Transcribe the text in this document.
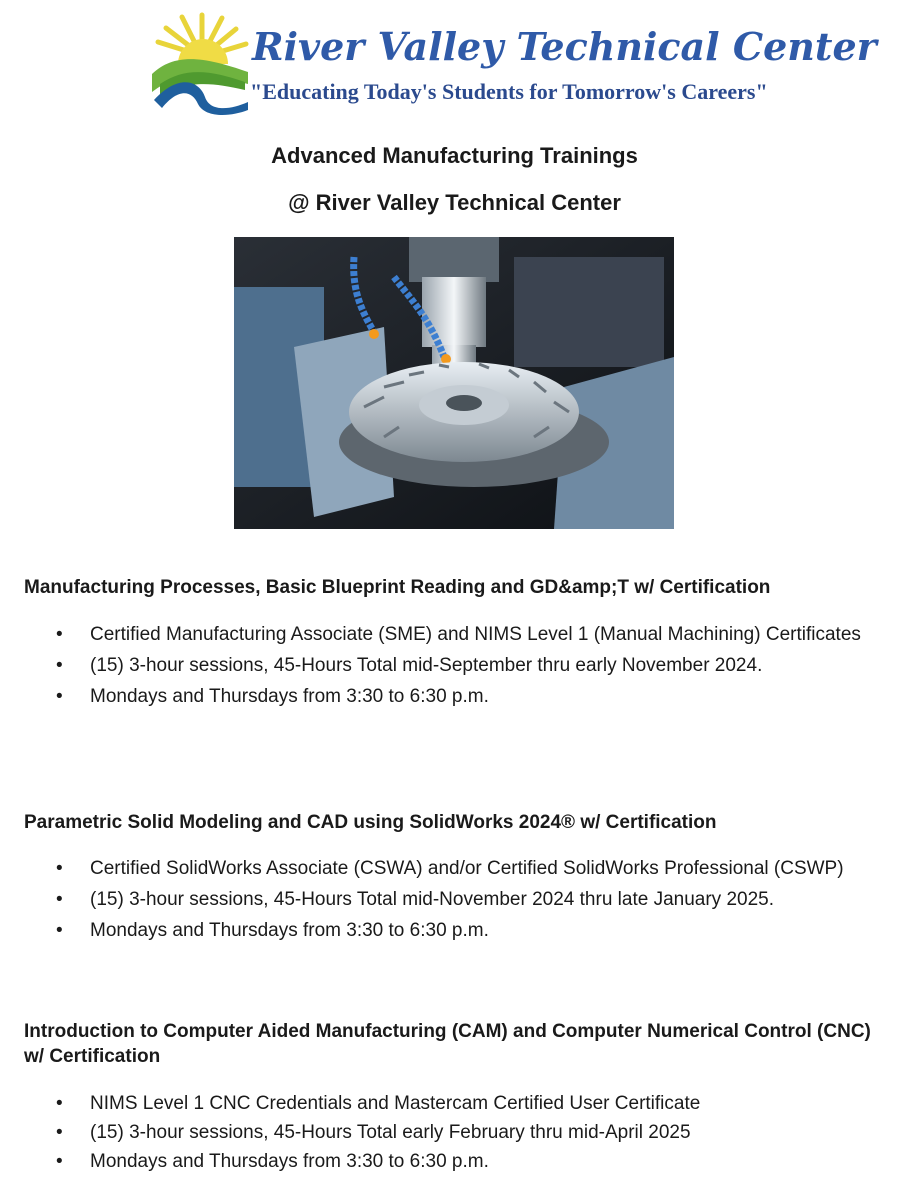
River Valley Technical Center
"Educating Today's Students for Tomorrow's Careers"
Advanced Manufacturing Trainings
@ River Valley Technical Center

Manufacturing Processes, Basic Blueprint Reading and GD&amp;T w/ Certification

• Certified Manufacturing Associate (SME) and NIMS Level 1 (Manual Machining) Certificates
• (15) 3-hour sessions, 45-Hours Total mid-September thru early November 2024.
• Mondays and Thursdays from 3:30 to 6:30 p.m.

Parametric Solid Modeling and CAD using SolidWorks 2024® w/ Certification

• Certified SolidWorks Associate (CSWA) and/or Certified SolidWorks Professional (CSWP)
• (15) 3-hour sessions, 45-Hours Total mid-November 2024 thru late January 2025.
• Mondays and Thursdays from 3:30 to 6:30 p.m.

Introduction to Computer Aided Manufacturing (CAM) and Computer Numerical Control (CNC) w/ Certification

• NIMS Level 1 CNC Credentials and Mastercam Certified User Certificate
• (15) 3-hour sessions, 45-Hours Total early February thru mid-April 2025
• Mondays and Thursdays from 3:30 to 6:30 p.m.
